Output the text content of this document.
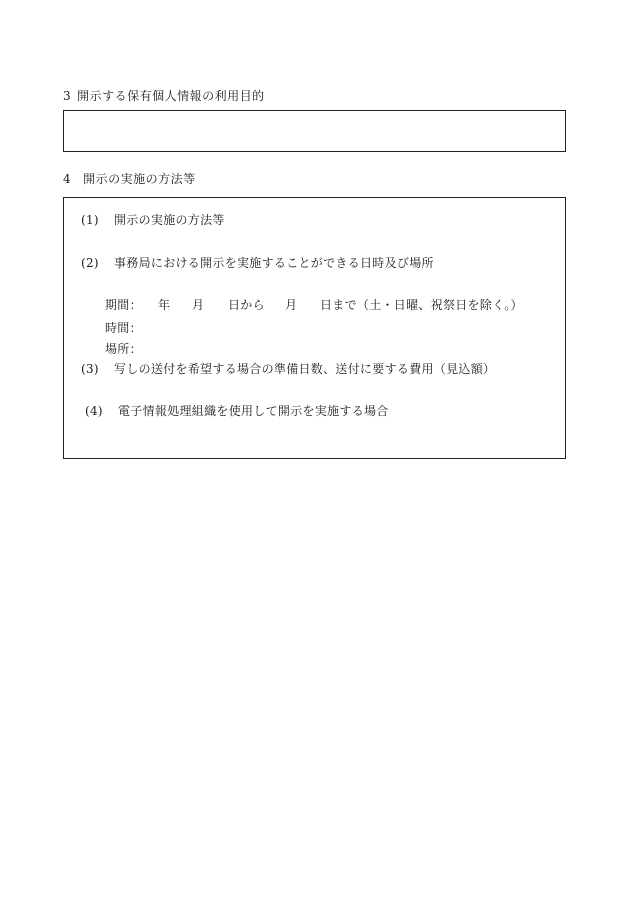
3 開示する保有個人情報の利用目的
4 開示の実施の方法等
(1) 開示の実施の方法等
(2) 事務局における開示を実施することができる日時及び場所
期間： 年 月 日から 月 日まで（土・日曜、祝祭日を除く。）
時間：
場所：
(3) 写しの送付を希望する場合の準備日数、送付に要する費用（見込額）
(4) 電子情報処理組織を使用して開示を実施する場合
